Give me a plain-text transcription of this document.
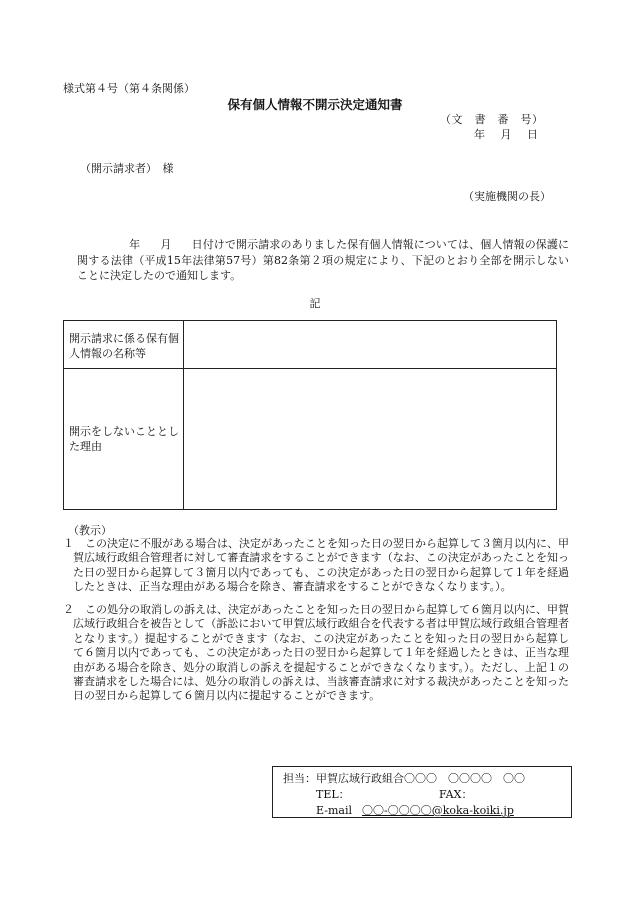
様式第４号（第４条関係）
保有個人情報不開示決定通知書
（文　書　番　号）
年 月 日
（開示請求者）　様
（実施機関の長）
年 月 日付けで開示請求のありました保有個人情報については、個人情報の保護に関する法律（平成15年法律第57号）第82条第２項の規定により、下記のとおり全部を開示しないことに決定したので通知します。
記
開示請求に係る保有個人情報の名称等
開示をしないこととした理由
（教示）
１	この決定に不服がある場合は、決定があったことを知った日の翌日から起算して３箇月以内に、甲賀広域行政組合管理者に対して審査請求をすることができます（なお、この決定があったことを知った日の翌日から起算して３箇月以内であっても、この決定があった日の翌日から起算して１年を経過したときは、正当な理由がある場合を除き、審査請求をすることができなくなります。）。
２	この処分の取消しの訴えは、決定があったことを知った日の翌日から起算して６箇月以内に、甲賀広域行政組合を被告として（訴訟において甲賀広域行政組合を代表する者は甲賀広域行政組合管理者となります。）提起することができます（なお、この決定があったことを知った日の翌日から起算して６箇月以内であっても、この決定があった日の翌日から起算して１年を経過したときは、正当な理由がある場合を除き、処分の取消しの訴えを提起することができなくなります。）。ただし、上記１の審査請求をした場合には、処分の取消しの訴えは、当該審査請求に対する裁決があったことを知った日の翌日から起算して６箇月以内に提起することができます。
担当：甲賀広域行政組合〇〇〇　〇〇〇〇　〇〇
TEL：	FAX：
E-mail 〇〇-〇〇〇〇@koka-koiki.jp
